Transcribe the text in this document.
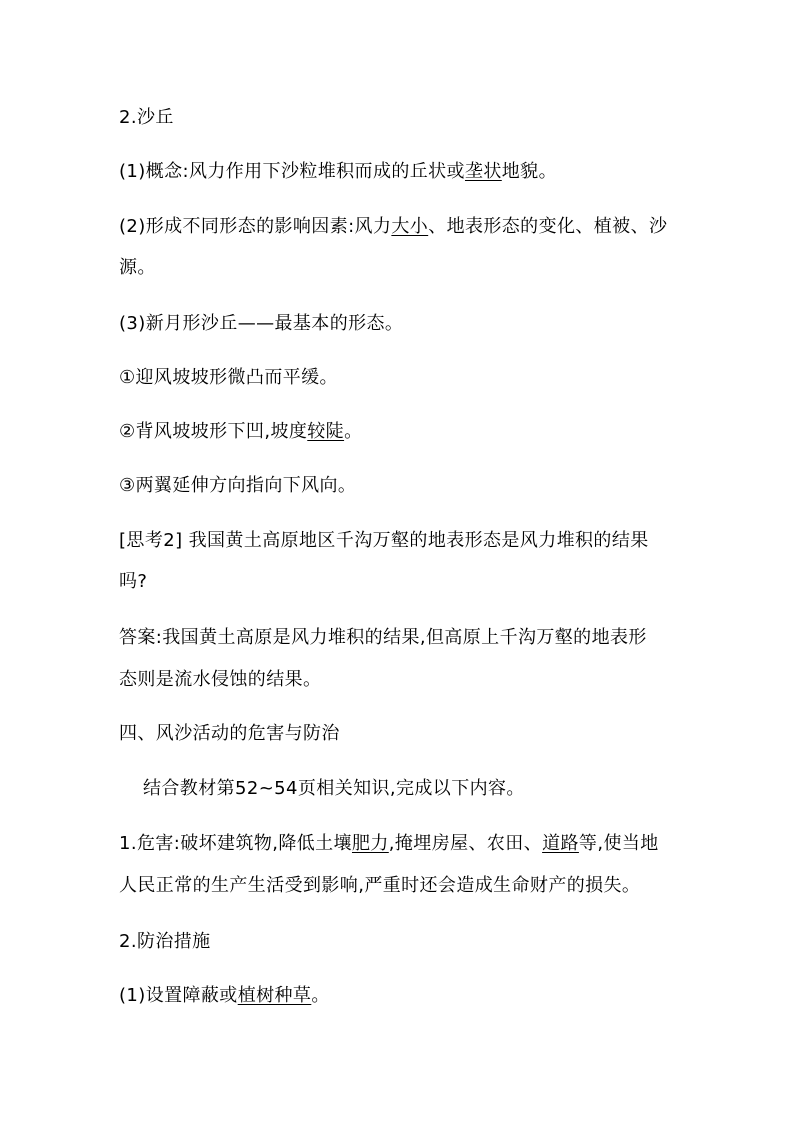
2.沙丘
(1)概念:风力作用下沙粒堆积而成的丘状或垄状地貌。
(2)形成不同形态的影响因素:风力大小、地表形态的变化、植被、沙
源。
(3)新月形沙丘——最基本的形态。
①迎风坡坡形微凸而平缓。
②背风坡坡形下凹,坡度较陡。
③两翼延伸方向指向下风向。
[思考2] 我国黄土高原地区千沟万壑的地表形态是风力堆积的结果
吗?
答案:我国黄土高原是风力堆积的结果,但高原上千沟万壑的地表形
态则是流水侵蚀的结果。
四、风沙活动的危害与防治
结合教材第52~54页相关知识,完成以下内容。
1.危害:破坏建筑物,降低土壤肥力,掩埋房屋、农田、道路等,使当地
人民正常的生产生活受到影响,严重时还会造成生命财产的损失。
2.防治措施
(1)设置障蔽或植树种草。
